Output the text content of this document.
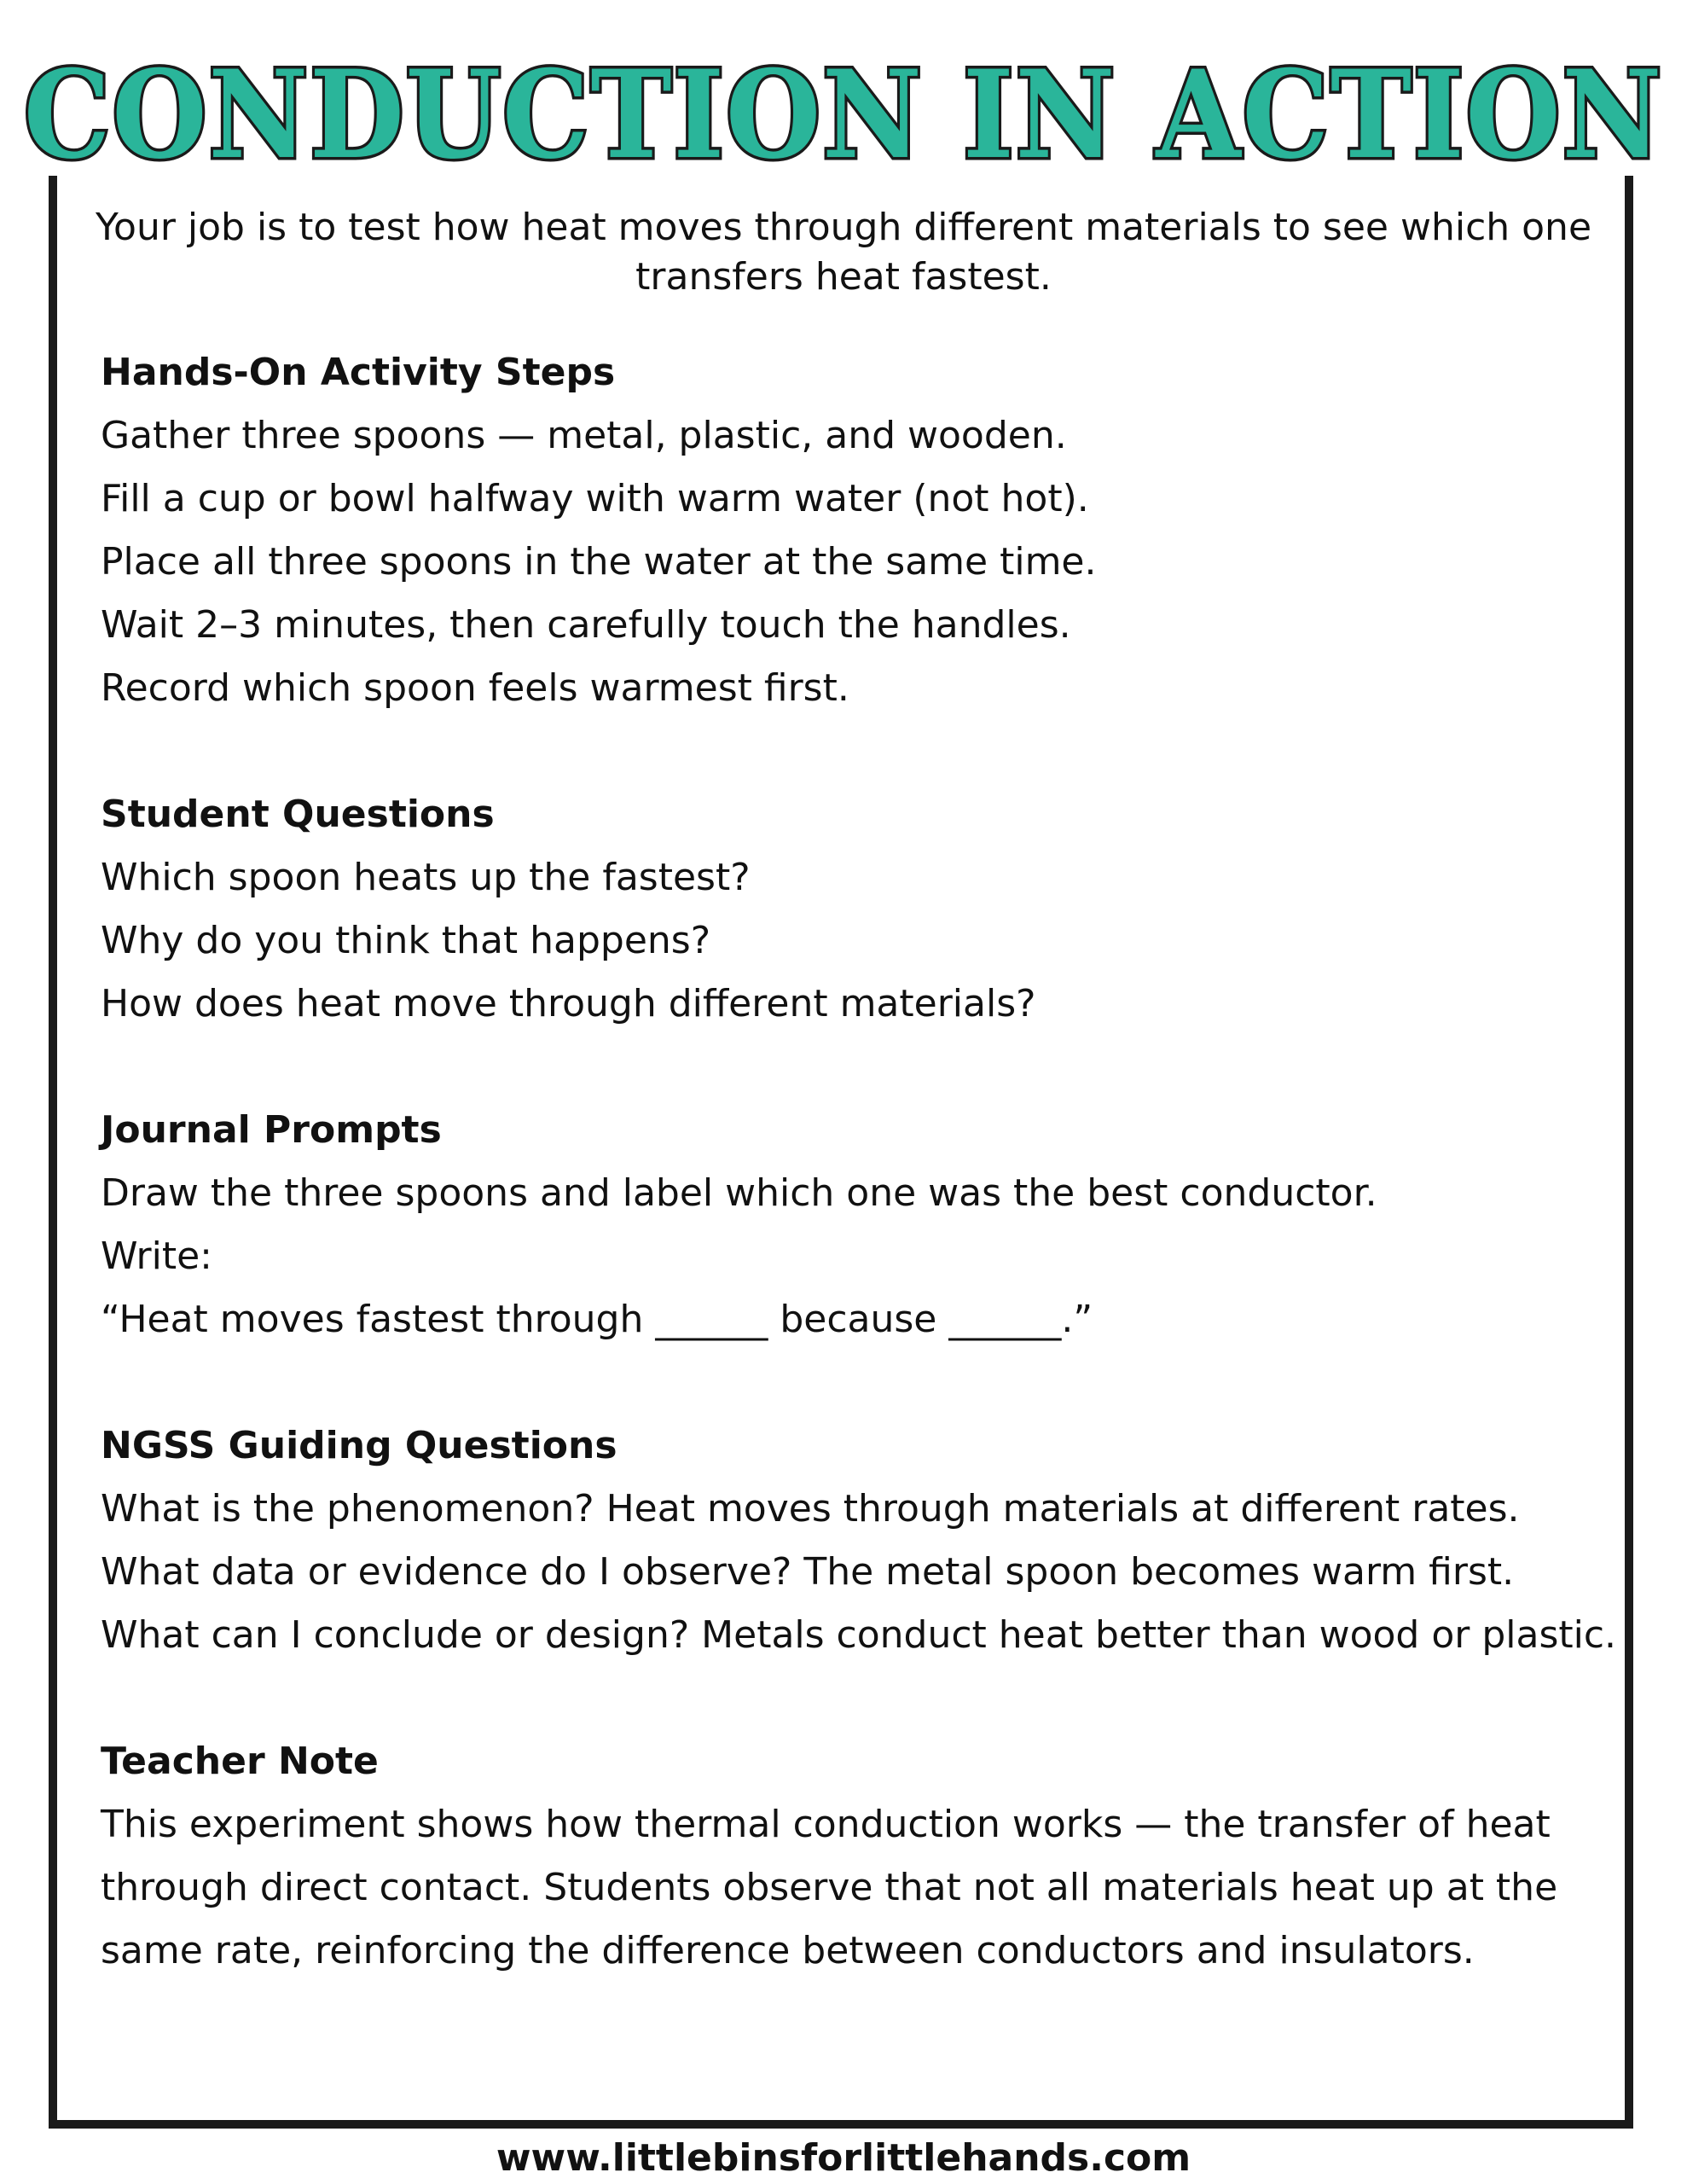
CONDUCTION IN ACTION
Your job is to test how heat moves through different materials to see which one transfers heat fastest.
Hands-On Activity Steps
Gather three spoons — metal, plastic, and wooden.
Fill a cup or bowl halfway with warm water (not hot).
Place all three spoons in the water at the same time.
Wait 2–3 minutes, then carefully touch the handles.
Record which spoon feels warmest first.
Student Questions
Which spoon heats up the fastest?
Why do you think that happens?
How does heat move through different materials?
Journal Prompts
Draw the three spoons and label which one was the best conductor.
Write:
“Heat moves fastest through ______ because ______.”
NGSS Guiding Questions
What is the phenomenon? Heat moves through materials at different rates.
What data or evidence do I observe? The metal spoon becomes warm first.
What can I conclude or design? Metals conduct heat better than wood or plastic.
Teacher Note
This experiment shows how thermal conduction works — the transfer of heat through direct contact. Students observe that not all materials heat up at the same rate, reinforcing the difference between conductors and insulators.
www.littlebinsforlittlehands.com
